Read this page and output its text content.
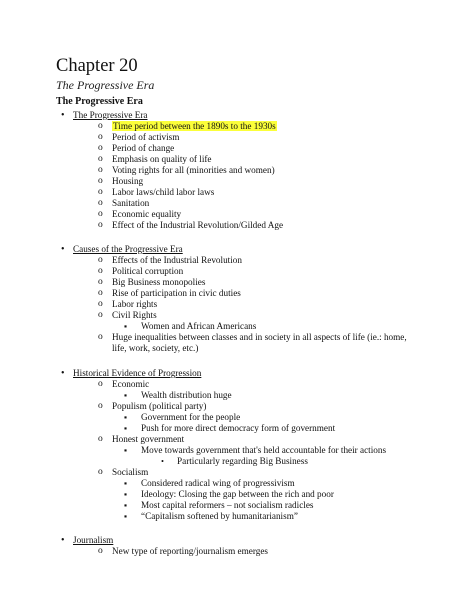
Chapter 20
The Progressive Era
The Progressive Era
• The Progressive Era
o Time period between the 1890s to the 1930s
o Period of activism
o Period of change
o Emphasis on quality of life
o Voting rights for all (minorities and women)
o Housing
o Labor laws/child labor laws
o Sanitation
o Economic equality
o Effect of the Industrial Revolution/Gilded Age
• Causes of the Progressive Era
o Effects of the Industrial Revolution
o Political corruption
o Big Business monopolies
o Rise of participation in civic duties
o Labor rights
o Civil Rights
▪ Women and African Americans
o Huge inequalities between classes and in society in all aspects of life (ie.: home,
life, work, society, etc.)
• Historical Evidence of Progression
o Economic
▪ Wealth distribution huge
o Populism (political party)
▪ Government for the people
▪ Push for more direct democracy form of government
o Honest government
▪ Move towards government that's held accountable for their actions
• Particularly regarding Big Business
o Socialism
▪ Considered radical wing of progressivism
▪ Ideology: Closing the gap between the rich and poor
▪ Most capital reformers – not socialism radicles
▪ “Capitalism softened by humanitarianism”
• Journalism
o New type of reporting/journalism emerges
